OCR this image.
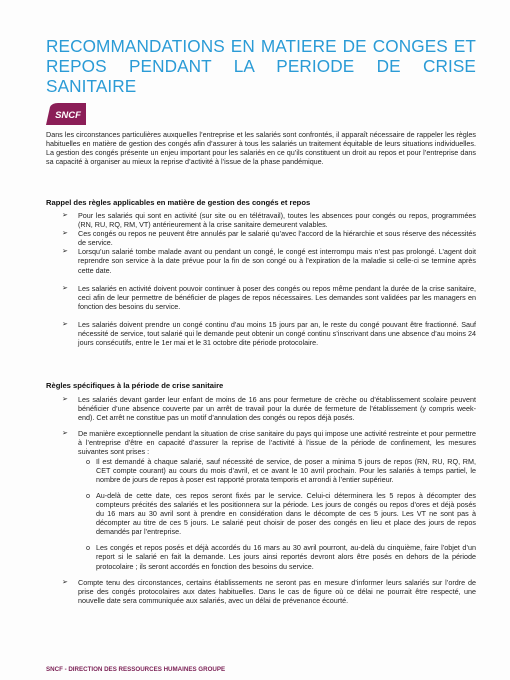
RECOMMANDATIONS EN MATIERE DE CONGES ET REPOS PENDANT LA PERIODE DE CRISE SANITAIRE
SNCF

Dans les circonstances particulières auxquelles l’entreprise et les salariés sont confrontés, il apparaît nécessaire de rappeler les règles habituelles en matière de gestion des congés afin d’assurer à tous les salariés un traitement équitable de leurs situations individuelles. La gestion des congés présente un enjeu important pour les salariés en ce qu’ils constituent un droit au repos et pour l’entreprise dans sa capacité à organiser au mieux la reprise d’activité à l’issue de la phase pandémique.

Rappel des règles applicables en matière de gestion des congés et repos
➢ Pour les salariés qui sont en activité (sur site ou en télétravail), toutes les absences pour congés ou repos, programmées (RN, RU, RQ, RM, VT) antérieurement à la crise sanitaire demeurent valables.
➢ Ces congés ou repos ne peuvent être annulés par le salarié qu’avec l’accord de la hiérarchie et sous réserve des nécessités de service.
➢ Lorsqu’un salarié tombe malade avant ou pendant un congé, le congé est interrompu mais n’est pas prolongé. L’agent doit reprendre son service à la date prévue pour la fin de son congé ou à l’expiration de la maladie si celle-ci se termine après cette date.
➢ Les salariés en activité doivent pouvoir continuer à poser des congés ou repos même pendant la durée de la crise sanitaire, ceci afin de leur permettre de bénéficier de plages de repos nécessaires. Les demandes sont validées par les managers en fonction des besoins du service.
➢ Les salariés doivent prendre un congé continu d’au moins 15 jours par an, le reste du congé pouvant être fractionné. Sauf nécessité de service, tout salarié qui le demande peut obtenir un congé continu s’inscrivant dans une absence d’au moins 24 jours consécutifs, entre le 1er mai et le 31 octobre dite période protocolaire.
Règles spécifiques à la période de crise sanitaire
➢ Les salariés devant garder leur enfant de moins de 16 ans pour fermeture de crèche ou d’établissement scolaire peuvent bénéficier d’une absence couverte par un arrêt de travail pour la durée de fermeture de l’établissement (y compris week-end). Cet arrêt ne constitue pas un motif d’annulation des congés ou repos déjà posés.
➢ De manière exceptionnelle pendant la situation de crise sanitaire du pays qui impose une activité restreinte et pour permettre à l’entreprise d’être en capacité d’assurer la reprise de l’activité à l’issue de la période de confinement, les mesures suivantes sont prises :
o Il est demandé à chaque salarié, sauf nécessité de service, de poser a minima 5 jours de repos (RN, RU, RQ, RM, CET compte courant) au cours du mois d’avril, et ce avant le 10 avril prochain. Pour les salariés à temps partiel, le nombre de jours de repos à poser est rapporté prorata temporis et arrondi à l’entier supérieur.
o Au-delà de cette date, ces repos seront fixés par le service. Celui-ci déterminera les 5 repos à décompter des compteurs précités des salariés et les positionnera sur la période. Les jours de congés ou repos d’ores et déjà posés du 16 mars au 30 avril sont à prendre en considération dans le décompte de ces 5 jours. Les VT ne sont pas à décompter au titre de ces 5 jours. Le salarié peut choisir de poser des congés en lieu et place des jours de repos demandés par l’entreprise.
o Les congés et repos posés et déjà accordés du 16 mars au 30 avril pourront, au-delà du cinquième, faire l’objet d’un report si le salarié en fait la demande. Les jours ainsi reportés devront alors être posés en dehors de la période protocolaire ; ils seront accordés en fonction des besoins du service.
➢ Compte tenu des circonstances, certains établissements ne seront pas en mesure d’informer leurs salariés sur l’ordre de prise des congés protocolaires aux dates habituelles. Dans le cas de figure où ce délai ne pourrait être respecté, une nouvelle date sera communiquée aux salariés, avec un délai de prévenance écourté.
SNCF - DIRECTION DES RESSOURCES HUMAINES GROUPE
